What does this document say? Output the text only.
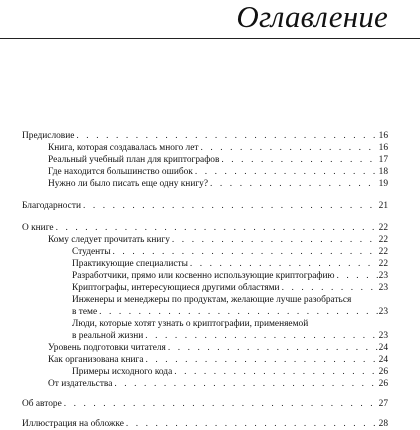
Оглавление
Предисловие . . .	16
Книга, которая создавалась много лет . . .	16
Реальный учебный план для криптографов . . .	17
Где находится большинство ошибок . . .	18
Нужно ли было писать еще одну книгу? . . .	19
Благодарности . . .	21
О книге . . .	22
Кому следует прочитать книгу . . .	22
Студенты . . .	22
Практикующие специалисты . . .	22
Разработчики, прямо или косвенно использующие криптографию . . .	23
Криптографы, интересующиеся другими областями . . .	23
Инженеры и менеджеры по продуктам, желающие лучше разобраться
в теме . . .	23
Люди, которые хотят узнать о криптографии, применяемой
в реальной жизни . . .	23
Уровень подготовки читателя . . .	24
Как организована книга . . .	24
Примеры исходного кода . . .	26
От издательства . . .	26
Об авторе . . .	27
Иллюстрация на обложке . . .	28
